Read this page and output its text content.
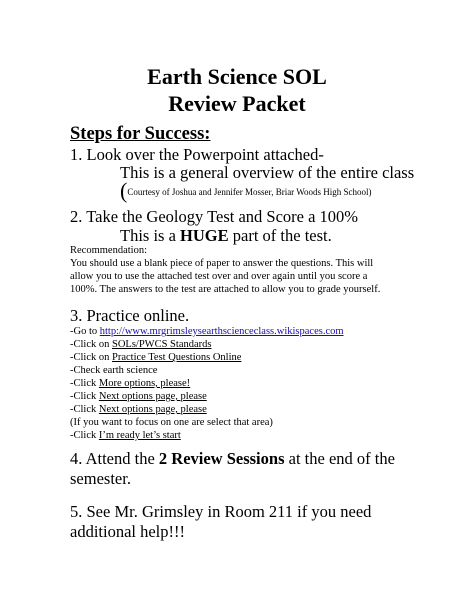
Earth Science SOL
Review Packet
Steps for Success:
1. Look over the Powerpoint attached-
This is a general overview of the entire class
(Courtesy of Joshua and Jennifer Mosser, Briar Woods High School)
2. Take the Geology Test and Score a 100%
This is a HUGE part of the test.
Recommendation:
You should use a blank piece of paper to answer the questions. This will
allow you to use the attached test over and over again until you score a
100%. The answers to the test are attached to allow you to grade yourself.
3. Practice online.
-Go to http://www.mrgrimsleysearthscienceclass.wikispaces.com
-Click on SOLs/PWCS Standards
-Click on Practice Test Questions Online
-Check earth science
-Click More options, please!
-Click Next options page, please
-Click Next options page, please
(If you want to focus on one are select that area)
-Click I’m ready let’s start
4. Attend the 2 Review Sessions at the end of the
semester.
5. See Mr. Grimsley in Room 211 if you need
additional help!!!
